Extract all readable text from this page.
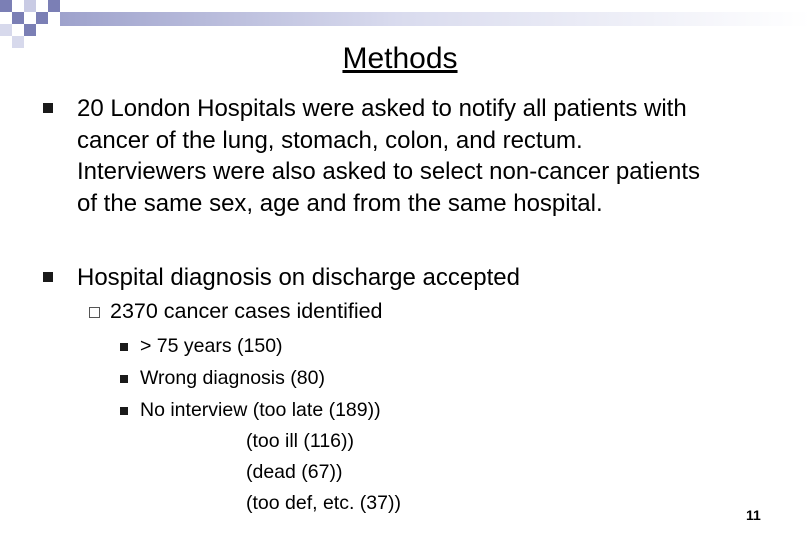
Methods

20 London Hospitals were asked to notify all patients with

cancer of the lung, stomach, colon, and rectum.

Interviewers were also asked to select non-cancer patients

of the same sex, age and from the same hospital.

Hospital diagnosis on discharge accepted

2370 cancer cases identified

> 75 years (150)

Wrong diagnosis (80)

No interview (too late (189))

(too ill (116))

(dead (67))

(too def, etc. (37))

11
